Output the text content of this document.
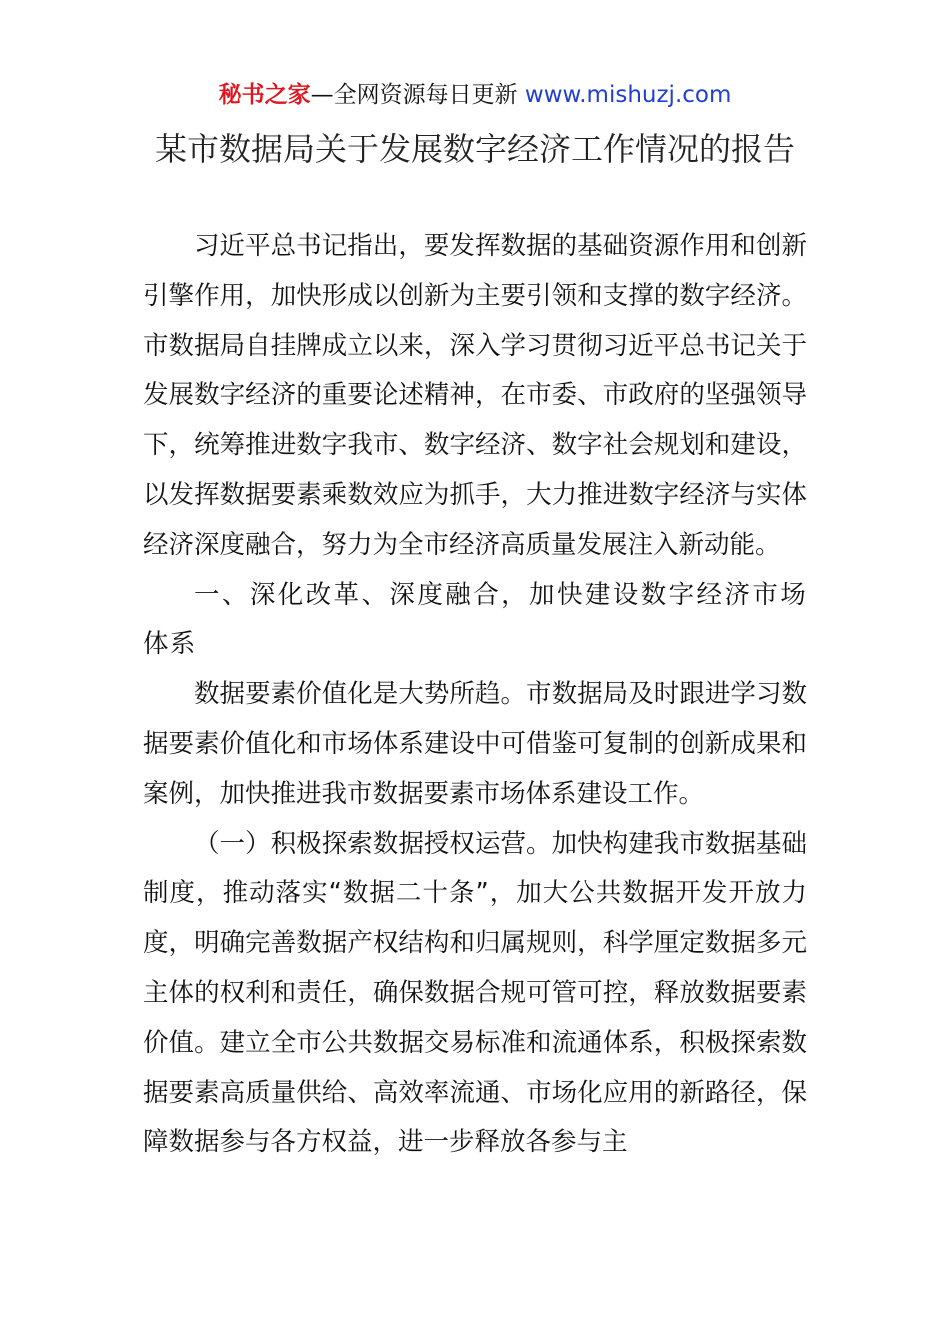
秘书之家—全网资源每日更新 www.mishuzj.com
某市数据局关于发展数字经济工作情况的报告

习近平总书记指出，要发挥数据的基础资源作用和创新引擎作用，加快形成以创新为主要引领和支撑的数字经济。市数据局自挂牌成立以来，深入学习贯彻习近平总书记关于发展数字经济的重要论述精神，在市委、市政府的坚强领导下，统筹推进数字我市、数字经济、数字社会规划和建设，以发挥数据要素乘数效应为抓手，大力推进数字经济与实体经济深度融合，努力为全市经济高质量发展注入新动能。

一、深化改革、深度融合，加快建设数字经济市场体系

数据要素价值化是大势所趋。市数据局及时跟进学习数据要素价值化和市场体系建设中可借鉴可复制的创新成果和案例，加快推进我市数据要素市场体系建设工作。

（一）积极探索数据授权运营。加快构建我市数据基础制度，推动落实“数据二十条”，加大公共数据开发开放力度，明确完善数据产权结构和归属规则，科学厘定数据多元主体的权利和责任，确保数据合规可管可控，释放数据要素价值。建立全市公共数据交易标准和流通体系，积极探索数据要素高质量供给、高效率流通、市场化应用的新路径，保障数据参与各方权益，进一步释放各参与主
